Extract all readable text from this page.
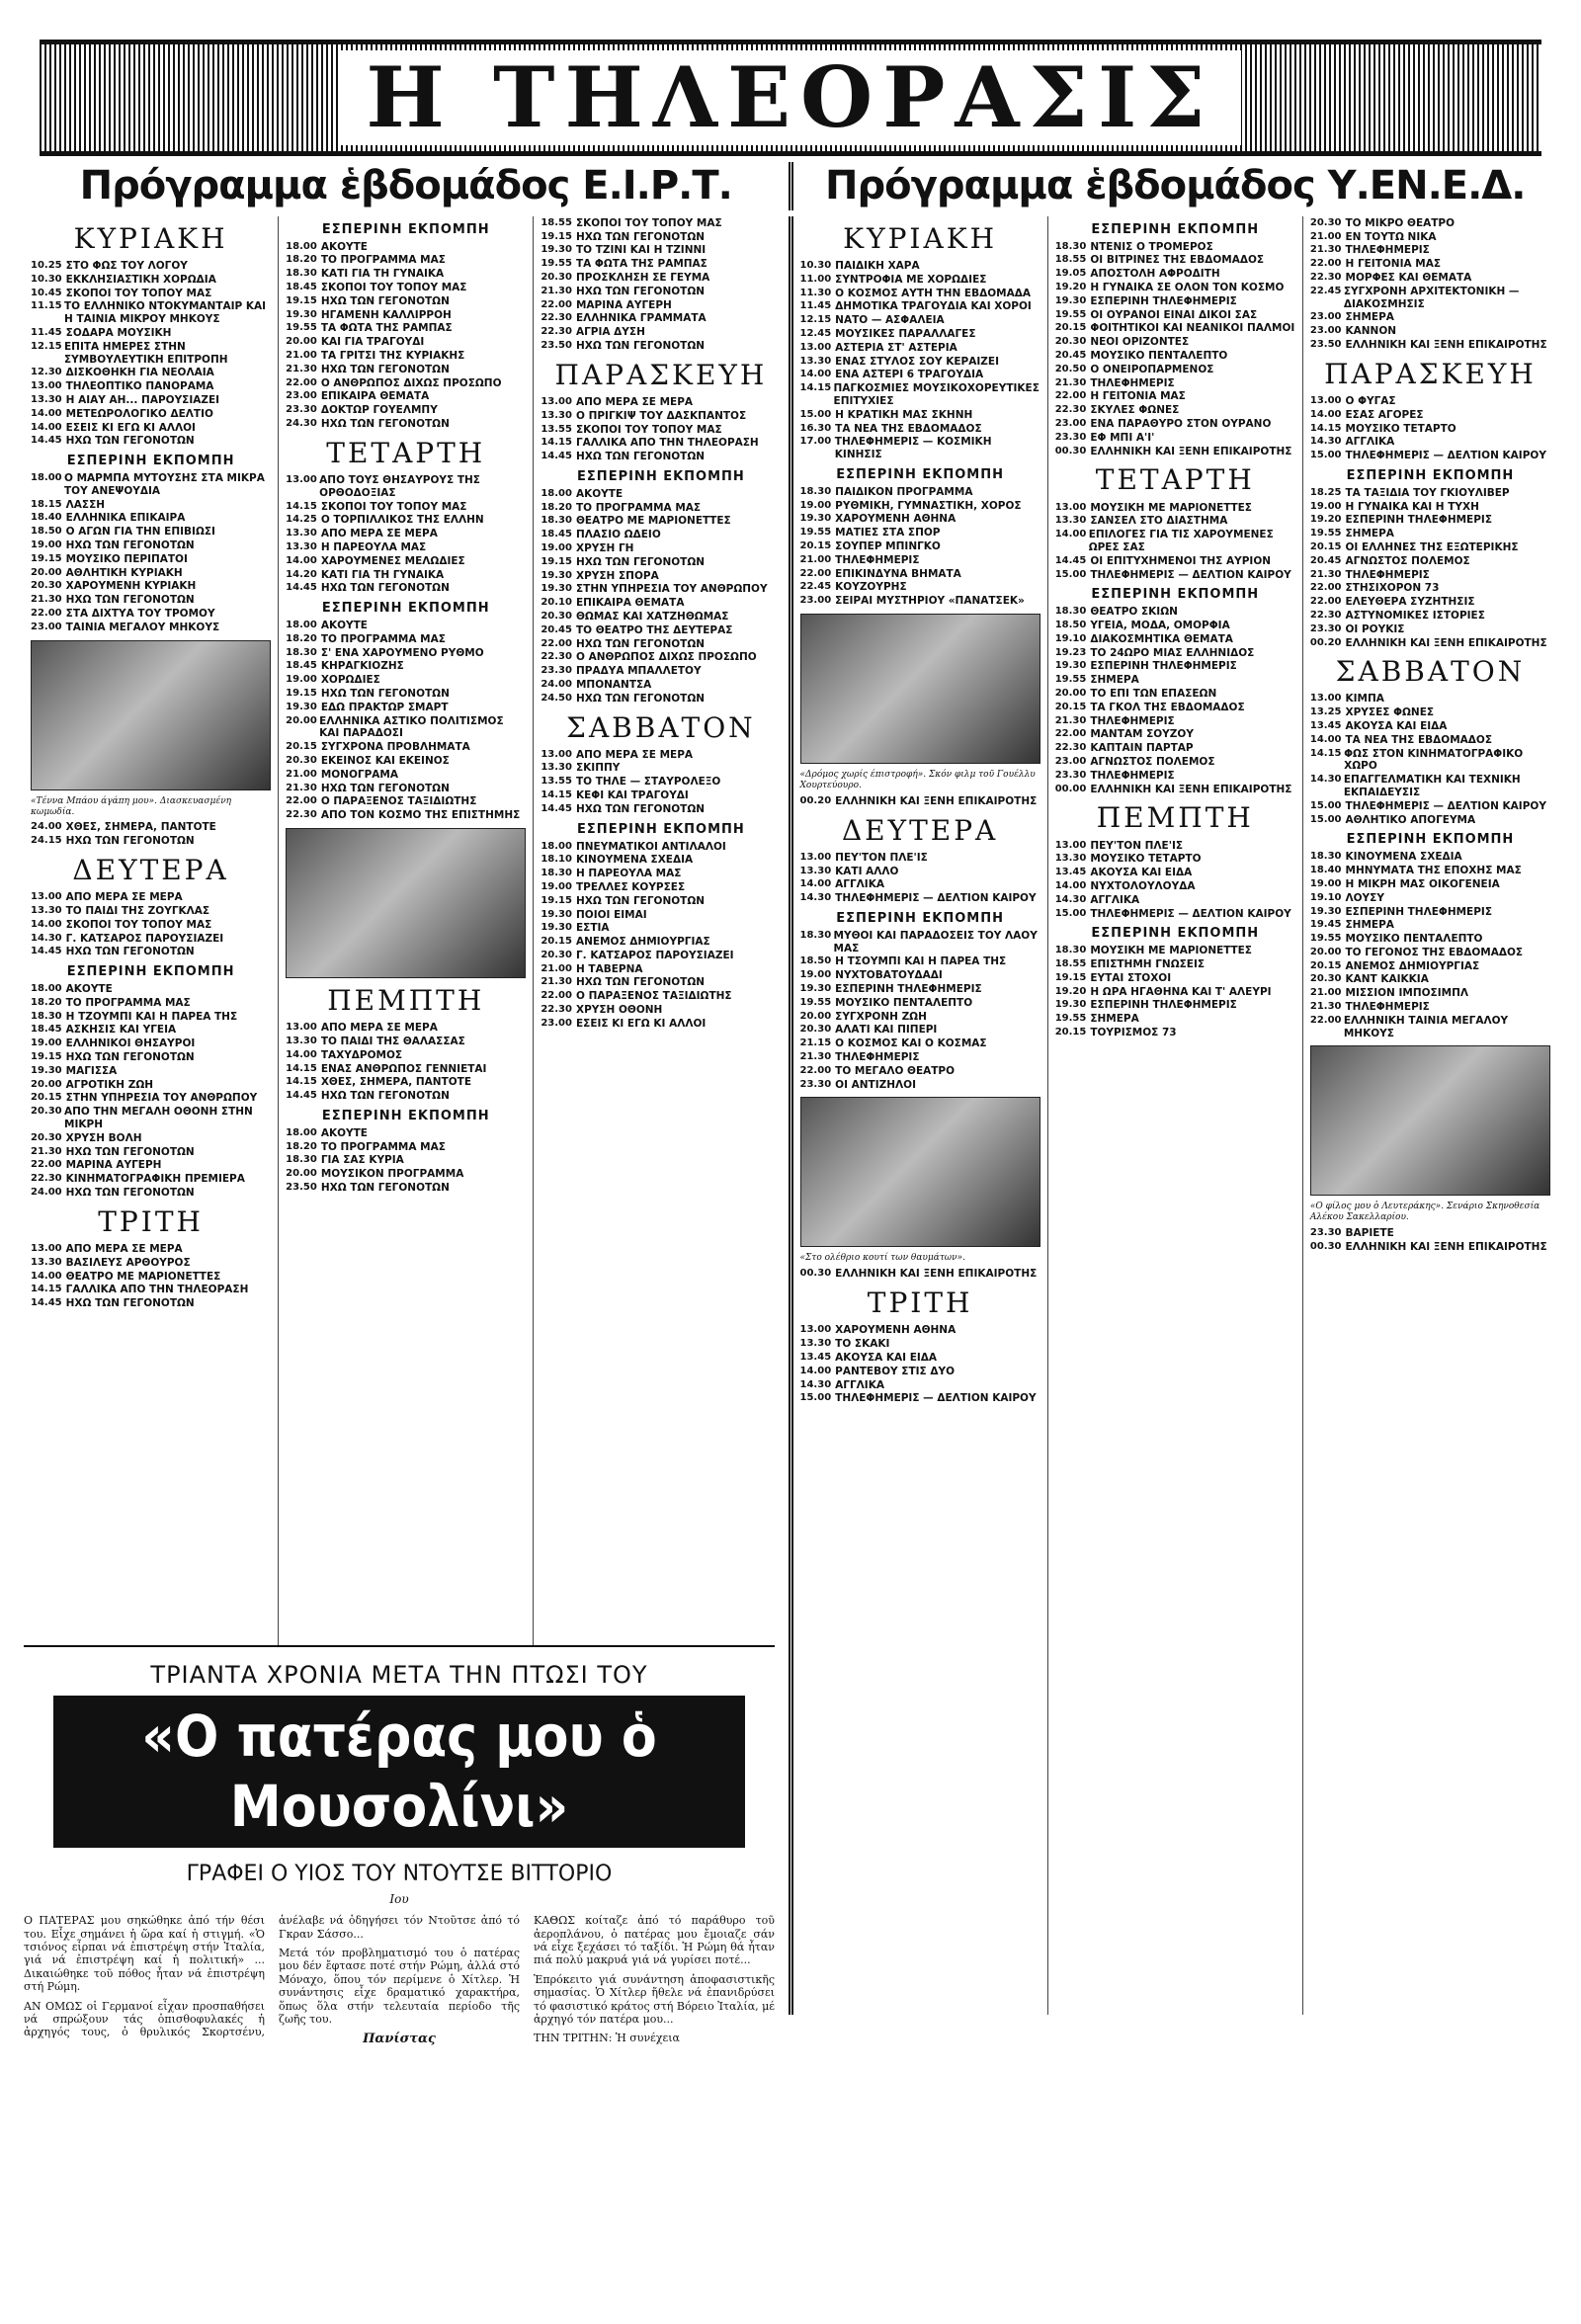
Η ΤΗΛΕΟΡΑΣΙΣ
Πρόγραμμα ἑβδομάδος Ε.Ι.Ρ.Τ.	Πρόγραμμα ἑβδομάδος Υ.ΕΝ.Ε.Δ.
ΚΥΡΙΑΚΗ
10.25 ΣΤΟ ΦΩΣ ΤΟΥ ΛΟΓΟΥ
10.30 ΕΚΚΛΗΣΙΑΣΤΙΚΗ ΧΟΡΩΔΙΑ
10.45 ΣΚΟΠΟΙ ΤΟΥ ΤΟΠΟΥ ΜΑΣ
11.15 ΤΟ ΕΛΛΗΝΙΚΟ ΝΤΟΚΥΜΑΝΤΑΙΡ ΚΑΙ Η ΤΑΙΝΙΑ ΜΙΚΡΟΥ ΜΗΚΟΥΣ
11.45 ΣΟΔΑΡΑ ΜΟΥΣΙΚΗ
12.15 ΕΠΙΤΑ ΗΜΕΡΕΣ ΣΤΗΝ ΣΥΜΒΟΥΛΕΥΤΙΚΗ ΕΠΙΤΡΟΠΗ
12.30 ΔΙΣΚΟΘΗΚΗ ΓΙΑ ΝΕΟΛΑΙΑ
13.00 ΤΗΛΕΟΠΤΙΚΟ ΠΑΝΟΡΑΜΑ
13.30 Η ΑΙΑΥ ΑΗ... ΠΑΡΟΥΣΙΑΖΕΙ
14.00 ΜΕΤΕΩΡΟΛΟΓΙΚΟ ΔΕΛΤΙΟ
14.00 ΕΣΕΙΣ ΚΙ ΕΓΩ ΚΙ ΑΛΛΟΙ
14.45 ΗΧΩ ΤΩΝ ΓΕΓΟΝΟΤΩΝ
ΕΣΠΕΡΙΝΗ ΕΚΠΟΜΠΗ
18.00 Ο ΜΑΡΜΠΑ ΜΥΤΟΥΣΗΣ ΣΤΑ ΜΙΚΡΑ ΤΟΥ ΑΝΕΨΟΥΔΙΑ
18.15 ΛΑΣΣΗ
18.40 ΕΛΛΗΝΙΚΑ ΕΠΙΚΑΙΡΑ
18.50 Ο ΑΓΩΝ ΓΙΑ ΤΗΝ ΕΠΙΒΙΩΣΙ
19.00 ΗΧΩ ΤΩΝ ΓΕΓΟΝΟΤΩΝ
19.15 ΜΟΥΣΙΚΟ ΠΕΡΙΠΑΤΟΙ
20.00 ΑΘΛΗΤΙΚΗ ΚΥΡΙΑΚΗ
20.30 ΧΑΡΟΥΜΕΝΗ ΚΥΡΙΑΚΗ
21.30 ΗΧΩ ΤΩΝ ΓΕΓΟΝΟΤΩΝ
22.00 ΣΤΑ ΔΙΧΤΥΑ ΤΟΥ ΤΡΟΜΟΥ
23.00 ΤΑΙΝΙΑ ΜΕΓΑΛΟΥ ΜΗΚΟΥΣ
«Τέννα Μπάου άγάπη μου». Διασκευασμένη κωμωδία.
24.00 ΧΘΕΣ, ΣΗΜΕΡΑ, ΠΑΝΤΟΤΕ
24.15 ΗΧΩ ΤΩΝ ΓΕΓΟΝΟΤΩΝ
ΔΕΥΤΕΡΑ
13.00 ΑΠΟ ΜΕΡΑ ΣΕ ΜΕΡΑ
13.30 ΤΟ ΠΑΙΔΙ ΤΗΣ ΖΟΥΓΚΛΑΣ
14.00 ΣΚΟΠΟΙ ΤΟΥ ΤΟΠΟΥ ΜΑΣ
14.30 Γ. ΚΑΤΣΑΡΟΣ ΠΑΡΟΥΣΙΑΖΕΙ
14.45 ΗΧΩ ΤΩΝ ΓΕΓΟΝΟΤΩΝ
ΕΣΠΕΡΙΝΗ ΕΚΠΟΜΠΗ
18.00 ΑΚΟΥΤΕ
18.20 ΤΟ ΠΡΟΓΡΑΜΜΑ ΜΑΣ
18.30 Η ΤΖΟΥΜΠΙ ΚΑΙ Η ΠΑΡΕΑ ΤΗΣ
18.45 ΑΣΚΗΣΙΣ ΚΑΙ ΥΓΕΙΑ
19.00 ΕΛΛΗΝΙΚΟΙ ΘΗΣΑΥΡΟΙ
19.15 ΗΧΩ ΤΩΝ ΓΕΓΟΝΟΤΩΝ
19.30 ΜΑΓΙΣΣΑ
20.00 ΑΓΡΟΤΙΚΗ ΖΩΗ
20.15 ΣΤΗΝ ΥΠΗΡΕΣΙΑ ΤΟΥ ΑΝΘΡΩΠΟΥ
20.30 ΑΠΟ ΤΗΝ ΜΕΓΑΛΗ ΟΘΟΝΗ ΣΤΗΝ ΜΙΚΡΗ
20.30 ΧΡΥΣΗ ΒΟΛΗ
21.30 ΗΧΩ ΤΩΝ ΓΕΓΟΝΟΤΩΝ
22.00 ΜΑΡΙΝΑ ΑΥΓΕΡΗ
22.30 ΚΙΝΗΜΑΤΟΓΡΑΦΙΚΗ ΠΡΕΜΙΕΡΑ
24.00 ΗΧΩ ΤΩΝ ΓΕΓΟΝΟΤΩΝ
ΤΡΙΤΗ
13.00 ΑΠΟ ΜΕΡΑ ΣΕ ΜΕΡΑ
13.30 ΒΑΣΙΛΕΥΣ ΑΡΘΟΥΡΟΣ
14.00 ΘΕΑΤΡΟ ΜΕ ΜΑΡΙΟΝΕΤΤΕΣ
14.15 ΓΑΛΛΙΚΑ ΑΠΟ ΤΗΝ ΤΗΛΕΟΡΑΣΗ
14.45 ΗΧΩ ΤΩΝ ΓΕΓΟΝΟΤΩΝ
ΕΣΠΕΡΙΝΗ ΕΚΠΟΜΠΗ
18.00 ΑΚΟΥΤΕ
18.20 ΤΟ ΠΡΟΓΡΑΜΜΑ ΜΑΣ
18.30 ΚΑΤΙ ΓΙΑ ΤΗ ΓΥΝΑΙΚΑ
18.45 ΣΚΟΠΟΙ ΤΟΥ ΤΟΠΟΥ ΜΑΣ
19.15 ΗΧΩ ΤΩΝ ΓΕΓΟΝΟΤΩΝ
19.30 ΗΓΑΜΕΝΗ ΚΑΛΛΙΡΡΟΗ
19.55 ΤΑ ΦΩΤΑ ΤΗΣ ΡΑΜΠΑΣ
20.00 ΚΑΙ ΓΙΑ ΤΡΑΓΟΥΔΙ
21.00 ΤΑ ΓΡΙΤΣΙ ΤΗΣ ΚΥΡΙΑΚΗΣ
21.30 ΗΧΩ ΤΩΝ ΓΕΓΟΝΟΤΩΝ
22.00 Ο ΑΝΘΡΩΠΟΣ ΔΙΧΩΣ ΠΡΟΣΩΠΟ
23.00 ΕΠΙΚΑΙΡΑ ΘΕΜΑΤΑ
23.30 ΔΟΚΤΩΡ ΓΟΥΕΛΜΠΥ
24.30 ΗΧΩ ΤΩΝ ΓΕΓΟΝΟΤΩΝ
ΤΕΤΑΡΤΗ
13.00 ΑΠΟ ΤΟΥΣ ΘΗΣΑΥΡΟΥΣ ΤΗΣ ΟΡΘΟΔΟΞΙΑΣ
14.15 ΣΚΟΠΟΙ ΤΟΥ ΤΟΠΟΥ ΜΑΣ
14.25 Ο ΤΟΡΠΙΛΛΙΚΟΣ ΤΗΣ ΕΛΛΗΝ
13.30 ΑΠΟ ΜΕΡΑ ΣΕ ΜΕΡΑ
13.30 Η ΠΑΡΕΟΥΛΑ ΜΑΣ
14.00 ΧΑΡΟΥΜΕΝΕΣ ΜΕΛΩΔΙΕΣ
14.20 ΚΑΤΙ ΓΙΑ ΤΗ ΓΥΝΑΙΚΑ
14.45 ΗΧΩ ΤΩΝ ΓΕΓΟΝΟΤΩΝ
ΕΣΠΕΡΙΝΗ ΕΚΠΟΜΠΗ
18.00 ΑΚΟΥΤΕ
18.20 ΤΟ ΠΡΟΓΡΑΜΜΑ ΜΑΣ
18.30 Σ' ΕΝΑ ΧΑΡΟΥΜΕΝΟ ΡΥΘΜΟ
18.45 ΚΗΡΑΓΚΙΟΖΗΣ
19.00 ΧΟΡΩΔΙΕΣ
19.15 ΗΧΩ ΤΩΝ ΓΕΓΟΝΟΤΩΝ
19.30 ΕΔΩ ΠΡΑΚΤΩΡ ΣΜΑΡΤ
20.00 ΕΛΛΗΝΙΚΑ ΑΣΤΙΚΟ ΠΟΛΙΤΙΣΜΟΣ ΚΑΙ ΠΑΡΑΔΟΣΙ
20.15 ΣΥΓΧΡΟΝΑ ΠΡΟΒΛΗΜΑΤΑ
20.30 ΕΚΕΙΝΟΣ ΚΑΙ ΕΚΕΙΝΟΣ
21.00 ΜΟΝΟΓΡΑΜΑ
21.30 ΗΧΩ ΤΩΝ ΓΕΓΟΝΟΤΩΝ
22.00 Ο ΠΑΡΑΞΕΝΟΣ ΤΑΞΙΔΙΩΤΗΣ
22.30 ΑΠΟ ΤΟΝ ΚΟΣΜΟ ΤΗΣ ΕΠΙΣΤΗΜΗΣ
ΠΕΜΠΤΗ
13.00 ΑΠΟ ΜΕΡΑ ΣΕ ΜΕΡΑ
13.30 ΤΟ ΠΑΙΔΙ ΤΗΣ ΘΑΛΑΣΣΑΣ
14.00 ΤΑΧΥΔΡΟΜΟΣ
14.15 ΕΝΑΣ ΑΝΘΡΩΠΟΣ ΓΕΝΝΙΕΤΑΙ
14.15 ΧΘΕΣ, ΣΗΜΕΡΑ, ΠΑΝΤΟΤΕ
14.45 ΗΧΩ ΤΩΝ ΓΕΓΟΝΟΤΩΝ
ΕΣΠΕΡΙΝΗ ΕΚΠΟΜΠΗ
18.00 ΑΚΟΥΤΕ
18.20 ΤΟ ΠΡΟΓΡΑΜΜΑ ΜΑΣ
18.30 ΓΙΑ ΣΑΣ ΚΥΡΙΑ
20.00 ΜΟΥΣΙΚΟΝ ΠΡΟΓΡΑΜΜΑ
23.50 ΗΧΩ ΤΩΝ ΓΕΓΟΝΟΤΩΝ
18.55 ΣΚΟΠΟΙ ΤΟΥ ΤΟΠΟΥ ΜΑΣ
19.15 ΗΧΩ ΤΩΝ ΓΕΓΟΝΟΤΩΝ
19.30 ΤΟ ΤΖΙΝΙ ΚΑΙ Η ΤΖΙΝΝΙ
19.55 ΤΑ ΦΩΤΑ ΤΗΣ ΡΑΜΠΑΣ
20.30 ΠΡΟΣΚΛΗΣΗ ΣΕ ΓΕΥΜΑ
21.30 ΗΧΩ ΤΩΝ ΓΕΓΟΝΟΤΩΝ
22.00 ΜΑΡΙΝΑ ΑΥΓΕΡΗ
22.30 ΕΛΛΗΝΙΚΑ ΓΡΑΜΜΑΤΑ
22.30 ΑΓΡΙΑ ΔΥΣΗ
23.50 ΗΧΩ ΤΩΝ ΓΕΓΟΝΟΤΩΝ
ΠΑΡΑΣΚΕΥΗ
13.00 ΑΠΟ ΜΕΡΑ ΣΕ ΜΕΡΑ
13.30 Ο ΠΡΙΓΚΙΨ ΤΟΥ ΔΑΣΚΠΑΝΤΟΣ
13.55 ΣΚΟΠΟΙ ΤΟΥ ΤΟΠΟΥ ΜΑΣ
14.15 ΓΑΛΛΙΚΑ ΑΠΟ ΤΗΝ ΤΗΛΕΟΡΑΣΗ
14.45 ΗΧΩ ΤΩΝ ΓΕΓΟΝΟΤΩΝ
ΕΣΠΕΡΙΝΗ ΕΚΠΟΜΠΗ
18.00 ΑΚΟΥΤΕ
18.20 ΤΟ ΠΡΟΓΡΑΜΜΑ ΜΑΣ
18.30 ΘΕΑΤΡΟ ΜΕ ΜΑΡΙΟΝΕΤΤΕΣ
18.45 ΠΛΑΣΙΟ ΩΔΕΙΟ
19.00 ΧΡΥΣΗ ΓΗ
19.15 ΗΧΩ ΤΩΝ ΓΕΓΟΝΟΤΩΝ
19.30 ΧΡΥΣΗ ΣΠΟΡΑ
19.30 ΣΤΗΝ ΥΠΗΡΕΣΙΑ ΤΟΥ ΑΝΘΡΩΠΟΥ
20.10 ΕΠΙΚΑΙΡΑ ΘΕΜΑΤΑ
20.30 ΘΩΜΑΣ ΚΑΙ ΧΑΤΖΗΘΩΜΑΣ
20.45 ΤΟ ΘΕΑΤΡΟ ΤΗΣ ΔΕΥΤΕΡΑΣ
22.00 ΗΧΩ ΤΩΝ ΓΕΓΟΝΟΤΩΝ
22.30 Ο ΑΝΘΡΩΠΟΣ ΔΙΧΩΣ ΠΡΟΣΩΠΟ
23.30 ΠΡΑΔΥΑ ΜΠΑΛΛΕΤΟΥ
24.00 ΜΠΟΝΑΝΤΣΑ
24.50 ΗΧΩ ΤΩΝ ΓΕΓΟΝΟΤΩΝ
ΣΑΒΒΑΤΟΝ
13.00 ΑΠΟ ΜΕΡΑ ΣΕ ΜΕΡΑ
13.30 ΣΚΙΠΠΥ
13.55 ΤΟ ΤΗΛΕ — ΣΤΑΥΡΟΛΕΞΟ
14.15 ΚΕΦΙ ΚΑΙ ΤΡΑΓΟΥΔΙ
14.45 ΗΧΩ ΤΩΝ ΓΕΓΟΝΟΤΩΝ
ΕΣΠΕΡΙΝΗ ΕΚΠΟΜΠΗ
18.00 ΠΝΕΥΜΑΤΙΚΟΙ ΑΝΤΙΛΑΛΟΙ
18.10 ΚΙΝΟΥΜΕΝΑ ΣΧΕΔΙΑ
18.30 Η ΠΑΡΕΟΥΛΑ ΜΑΣ
19.00 ΤΡΕΛΛΕΣ ΚΟΥΡΣΕΣ
19.15 ΗΧΩ ΤΩΝ ΓΕΓΟΝΟΤΩΝ
19.30 ΠΟΙΟΙ ΕΙΜΑΙ
19.30 ΕΣΤΙΑ
20.15 ΑΝΕΜΟΣ ΔΗΜΙΟΥΡΓΙΑΣ
20.30 Γ. ΚΑΤΣΑΡΟΣ ΠΑΡΟΥΣΙΑΖΕΙ
21.00 Η ΤΑΒΕΡΝΑ
21.30 ΗΧΩ ΤΩΝ ΓΕΓΟΝΟΤΩΝ
22.00 Ο ΠΑΡΑΞΕΝΟΣ ΤΑΞΙΔΙΩΤΗΣ
22.30 ΧΡΥΣΗ ΟΘΟΝΗ
23.00 ΕΣΕΙΣ ΚΙ ΕΓΩ ΚΙ ΑΛΛΟΙ
ΚΥΡΙΑΚΗ
10.30 ΠΑΙΔΙΚΗ ΧΑΡΑ
11.00 ΣΥΝΤΡΟΦΙΑ ΜΕ ΧΟΡΩΔΙΕΣ
11.30 Ο ΚΟΣΜΟΣ ΑΥΤΗ ΤΗΝ ΕΒΔΟΜΑΔΑ
11.45 ΔΗΜΟΤΙΚΑ ΤΡΑΓΟΥΔΙΑ ΚΑΙ ΧΟΡΟΙ
12.15 ΝΑΤΟ — ΑΣΦΑΛΕΙΑ
12.45 ΜΟΥΣΙΚΕΣ ΠΑΡΑΛΛΑΓΕΣ
13.00 ΑΣΤΕΡΙΑ ΣΤ' ΑΣΤΕΡΙΑ
13.30 ΕΝΑΣ ΣΤΥΛΟΣ ΣΟΥ ΚΕΡΑΙΖΕΙ
14.00 ΕΝΑ ΑΣΤΕΡΙ 6 ΤΡΑΓΟΥΔΙΑ
14.15 ΠΑΓΚΟΣΜΙΕΣ ΜΟΥΣΙΚΟΧΟΡΕΥΤΙΚΕΣ ΕΠΙΤΥΧΙΕΣ
15.00 Η ΚΡΑΤΙΚΗ ΜΑΣ ΣΚΗΝΗ
16.30 ΤΑ ΝΕΑ ΤΗΣ ΕΒΔΟΜΑΔΟΣ
17.00 ΤΗΛΕΦΗΜΕΡΙΣ — ΚΟΣΜΙΚΗ ΚΙΝΗΣΙΣ
ΕΣΠΕΡΙΝΗ ΕΚΠΟΜΠΗ
18.30 ΠΑΙΔΙΚΟΝ ΠΡΟΓΡΑΜΜΑ
19.00 ΡΥΘΜΙΚΗ, ΓΥΜΝΑΣΤΙΚΗ, ΧΟΡΟΣ
19.30 ΧΑΡΟΥΜΕΝΗ ΑΘΗΝΑ
19.55 ΜΑΤΙΕΣ ΣΤΑ ΣΠΟΡ
20.15 ΣΟΥΠΕΡ ΜΠΙΝΓΚΟ
21.00 ΤΗΛΕΦΗΜΕΡΙΣ
22.00 ΕΠΙΚΙΝΔΥΝΑ ΒΗΜΑΤΑ
22.45 ΚΟΥΖΟΥΡΗΣ
23.00 ΣΕΙΡΑΙ ΜΥΣΤΗΡΙΟΥ «ΠΑΝΑΤΣΕΚ»
«Δρόμος χωρίς έπιστροφή». Σκόν φιλμ τοῦ Γουέλλυ Χουρτεύουρο.
00.20 ΕΛΛΗΝΙΚΗ ΚΑΙ ΞΕΝΗ ΕΠΙΚΑΙΡΟΤΗΣ
ΔΕΥΤΕΡΑ
13.00 ΠΕΥ'ΤΟΝ ΠΛΕ'ΙΣ
13.30 ΚΑΤΙ ΑΛΛΟ
14.00 ΑΓΓΛΙΚΑ
14.30 ΤΗΛΕΦΗΜΕΡΙΣ — ΔΕΛΤΙΟΝ ΚΑΙΡΟΥ
ΕΣΠΕΡΙΝΗ ΕΚΠΟΜΠΗ
18.30 ΜΥΘΟΙ ΚΑΙ ΠΑΡΑΔΟΣΕΙΣ ΤΟΥ ΛΑΟΥ ΜΑΣ
18.50 Η ΤΣΟΥΜΠΙ ΚΑΙ Η ΠΑΡΕΑ ΤΗΣ
19.00 ΝΥΧΤΟΒΑΤΟΥΔΑΔΙ
19.30 ΕΣΠΕΡΙΝΗ ΤΗΛΕΦΗΜΕΡΙΣ
19.55 ΜΟΥΣΙΚΟ ΠΕΝΤΑΛΕΠΤΟ
20.00 ΣΥΓΧΡΟΝΗ ΖΩΗ
20.30 ΑΛΑΤΙ ΚΑΙ ΠΙΠΕΡΙ
21.15 Ο ΚΟΣΜΟΣ ΚΑΙ Ο ΚΟΣΜΑΣ
21.30 ΤΗΛΕΦΗΜΕΡΙΣ
22.00 ΤΟ ΜΕΓΑΛΟ ΘΕΑΤΡΟ
23.30 ΟΙ ΑΝΤΙΖΗΛΟΙ
«Στο ολέθριο κουτί των θαυμάτων».
00.30 ΕΛΛΗΝΙΚΗ ΚΑΙ ΞΕΝΗ ΕΠΙΚΑΙΡΟΤΗΣ
ΤΡΙΤΗ
13.00 ΧΑΡΟΥΜΕΝΗ ΑΘΗΝΑ
13.30 ΤΟ ΣΚΑΚΙ
13.45 ΑΚΟΥΣΑ ΚΑΙ ΕΙΔΑ
14.00 ΡΑΝΤΕΒΟΥ ΣΤΙΣ ΔΥΟ
14.30 ΑΓΓΛΙΚΑ
15.00 ΤΗΛΕΦΗΜΕΡΙΣ — ΔΕΛΤΙΟΝ ΚΑΙΡΟΥ
ΕΣΠΕΡΙΝΗ ΕΚΠΟΜΠΗ
18.30 ΝΤΕΝΙΣ Ο ΤΡΟΜΕΡΟΣ
18.55 ΟΙ ΒΙΤΡΙΝΕΣ ΤΗΣ ΕΒΔΟΜΑΔΟΣ
19.05 ΑΠΟΣΤΟΛΗ ΑΦΡΟΔΙΤΗ
19.20 Η ΓΥΝΑΙΚΑ ΣΕ ΟΛΟΝ ΤΟΝ ΚΟΣΜΟ
19.30 ΕΣΠΕΡΙΝΗ ΤΗΛΕΦΗΜΕΡΙΣ
19.55 ΟΙ ΟΥΡΑΝΟΙ ΕΙΝΑΙ ΔΙΚΟΙ ΣΑΣ
20.15 ΦΟΙΤΗΤΙΚΟΙ ΚΑΙ ΝΕΑΝΙΚΟΙ ΠΑΛΜΟΙ
20.30 ΝΕΟΙ ΟΡΙΖΟΝΤΕΣ
20.45 ΜΟΥΣΙΚΟ ΠΕΝΤΑΛΕΠΤΟ
20.50 Ο ΟΝΕΙΡΟΠΑΡΜΕΝΟΣ
21.30 ΤΗΛΕΦΗΜΕΡΙΣ
22.00 Η ΓΕΙΤΟΝΙΑ ΜΑΣ
22.30 ΣΚΥΛΕΣ ΦΩΝΕΣ
23.00 ΕΝΑ ΠΑΡΑΘΥΡΟ ΣΤΟΝ ΟΥΡΑΝΟ
23.30 ΕΦ ΜΠΙ Α'Ι'
00.30 ΕΛΛΗΝΙΚΗ ΚΑΙ ΞΕΝΗ ΕΠΙΚΑΙΡΟΤΗΣ
ΤΕΤΑΡΤΗ
13.00 ΜΟΥΣΙΚΗ ΜΕ ΜΑΡΙΟΝΕΤΤΕΣ
13.30 ΣΑΝΣΕΛ ΣΤΟ ΔΙΑΣΤΗΜΑ
14.00 ΕΠΙΛΟΓΕΣ ΓΙΑ ΤΙΣ ΧΑΡΟΥΜΕΝΕΣ ΩΡΕΣ ΣΑΣ
14.45 ΟΙ ΕΠΙΤΥΧΗΜΕΝΟΙ ΤΗΣ ΑΥΡΙΟΝ
15.00 ΤΗΛΕΦΗΜΕΡΙΣ — ΔΕΛΤΙΟΝ ΚΑΙΡΟΥ
ΕΣΠΕΡΙΝΗ ΕΚΠΟΜΠΗ
18.30 ΘΕΑΤΡΟ ΣΚΙΩΝ
18.50 ΥΓΕΙΑ, ΜΟΔΑ, ΟΜΟΡΦΙΑ
19.10 ΔΙΑΚΟΣΜΗΤΙΚΑ ΘΕΜΑΤΑ
19.23 ΤΟ 24ΩΡΟ ΜΙΑΣ ΕΛΛΗΝΙΔΟΣ
19.30 ΕΣΠΕΡΙΝΗ ΤΗΛΕΦΗΜΕΡΙΣ
19.55 ΣΗΜΕΡΑ
20.00 ΤΟ ΕΠΙ ΤΩΝ ΕΠΑΣΕΩΝ
20.15 ΤΑ ΓΚΟΛ ΤΗΣ ΕΒΔΟΜΑΔΟΣ
21.30 ΤΗΛΕΦΗΜΕΡΙΣ
22.00 ΜΑΝΤΑΜ ΣΟΥΖΟΥ
22.30 ΚΑΠΤΑΙΝ ΠΑΡΤΑΡ
23.00 ΑΓΝΩΣΤΟΣ ΠΟΛΕΜΟΣ
23.30 ΤΗΛΕΦΗΜΕΡΙΣ
00.00 ΕΛΛΗΝΙΚΗ ΚΑΙ ΞΕΝΗ ΕΠΙΚΑΙΡΟΤΗΣ
ΠΕΜΠΤΗ
13.00 ΠΕΥ'ΤΟΝ ΠΛΕ'ΙΣ
13.30 ΜΟΥΣΙΚΟ ΤΕΤΑΡΤΟ
13.45 ΑΚΟΥΣΑ ΚΑΙ ΕΙΔΑ
14.00 ΝΥΧΤΟΛΟΥΛΟΥΔΑ
14.30 ΑΓΓΛΙΚΑ
15.00 ΤΗΛΕΦΗΜΕΡΙΣ — ΔΕΛΤΙΟΝ ΚΑΙΡΟΥ
ΕΣΠΕΡΙΝΗ ΕΚΠΟΜΠΗ
18.30 ΜΟΥΣΙΚΗ ΜΕ ΜΑΡΙΟΝΕΤΤΕΣ
18.55 ΕΠΙΣΤΗΜΗ ΓΝΩΣΕΙΣ
19.15 ΕΥΤΑΙ ΣΤΟΧΟΙ
19.20 Η ΩΡΑ ΗΓΑΘΗΝΑ ΚΑΙ Τ' ΑΛΕΥΡΙ
19.30 ΕΣΠΕΡΙΝΗ ΤΗΛΕΦΗΜΕΡΙΣ
19.55 ΣΗΜΕΡΑ
20.15 ΤΟΥΡΙΣΜΟΣ 73
20.30 ΤΟ ΜΙΚΡΟ ΘΕΑΤΡΟ
21.00 ΕΝ ΤΟΥΤΩ ΝΙΚΑ
21.30 ΤΗΛΕΦΗΜΕΡΙΣ
22.00 Η ΓΕΙΤΟΝΙΑ ΜΑΣ
22.30 ΜΟΡΦΕΣ ΚΑΙ ΘΕΜΑΤΑ
22.45 ΣΥΓΧΡΟΝΗ ΑΡΧΙΤΕΚΤΟΝΙΚΗ — ΔΙΑΚΟΣΜΗΣΙΣ
23.00 ΣΗΜΕΡΑ
23.00 ΚΑΝΝΟΝ
23.50 ΕΛΛΗΝΙΚΗ ΚΑΙ ΞΕΝΗ ΕΠΙΚΑΙΡΟΤΗΣ
ΠΑΡΑΣΚΕΥΗ
13.00 Ο ΦΥΓΑΣ
14.00 ΕΣΑΣ ΑΓΟΡΕΣ
14.15 ΜΟΥΣΙΚΟ ΤΕΤΑΡΤΟ
14.30 ΑΓΓΛΙΚΑ
15.00 ΤΗΛΕΦΗΜΕΡΙΣ — ΔΕΛΤΙΟΝ ΚΑΙΡΟΥ
ΕΣΠΕΡΙΝΗ ΕΚΠΟΜΠΗ
18.25 ΤΑ ΤΑΞΙΔΙΑ ΤΟΥ ΓΚΙΟΥΛΙΒΕΡ
19.00 Η ΓΥΝΑΙΚΑ ΚΑΙ Η ΤΥΧΗ
19.20 ΕΣΠΕΡΙΝΗ ΤΗΛΕΦΗΜΕΡΙΣ
19.55 ΣΗΜΕΡΑ
20.15 ΟΙ ΕΛΛΗΝΕΣ ΤΗΣ ΕΞΩΤΕΡΙΚΗΣ
20.45 ΑΓΝΩΣΤΟΣ ΠΟΛΕΜΟΣ
21.30 ΤΗΛΕΦΗΜΕΡΙΣ
22.00 ΣΤΗΣΙΧΟΡΟΝ 73
22.00 ΕΛΕΥΘΕΡΑ ΣΥΖΗΤΗΣΙΣ
22.30 ΑΣΤΥΝΟΜΙΚΕΣ ΙΣΤΟΡΙΕΣ
23.30 ΟΙ ΡΟΥΚΙΣ
00.20 ΕΛΛΗΝΙΚΗ ΚΑΙ ΞΕΝΗ ΕΠΙΚΑΙΡΟΤΗΣ
ΣΑΒΒΑΤΟΝ
13.00 ΚΙΜΠΑ
13.25 ΧΡΥΣΕΣ ΦΩΝΕΣ
13.45 ΑΚΟΥΣΑ ΚΑΙ ΕΙΔΑ
14.00 ΤΑ ΝΕΑ ΤΗΣ ΕΒΔΟΜΑΔΟΣ
14.15 ΦΩΣ ΣΤΟΝ ΚΙΝΗΜΑΤΟΓΡΑΦΙΚΟ ΧΩΡΟ
14.30 ΕΠΑΓΓΕΛΜΑΤΙΚΗ ΚΑΙ ΤΕΧΝΙΚΗ ΕΚΠΑΙΔΕΥΣΙΣ
15.00 ΤΗΛΕΦΗΜΕΡΙΣ — ΔΕΛΤΙΟΝ ΚΑΙΡΟΥ
15.00 ΑΘΛΗΤΙΚΟ ΑΠΟΓΕΥΜΑ
ΕΣΠΕΡΙΝΗ ΕΚΠΟΜΠΗ
18.30 ΚΙΝΟΥΜΕΝΑ ΣΧΕΔΙΑ
18.40 ΜΗΝΥΜΑΤΑ ΤΗΣ ΕΠΟΧΗΣ ΜΑΣ
19.00 Η ΜΙΚΡΗ ΜΑΣ ΟΙΚΟΓΕΝΕΙΑ
19.10 ΛΟΥΣΥ
19.30 ΕΣΠΕΡΙΝΗ ΤΗΛΕΦΗΜΕΡΙΣ
19.45 ΣΗΜΕΡΑ
19.55 ΜΟΥΣΙΚΟ ΠΕΝΤΑΛΕΠΤΟ
20.00 ΤΟ ΓΕΓΟΝΟΣ ΤΗΣ ΕΒΔΟΜΑΔΟΣ
20.15 ΑΝΕΜΟΣ ΔΗΜΙΟΥΡΓΙΑΣ
20.30 ΚΑΝΤ ΚΑΙΚΚΙΑ
21.00 ΜΙΣΣΙΟΝ ΙΜΠΟΣΙΜΠΛ
21.30 ΤΗΛΕΦΗΜΕΡΙΣ
22.00 ΕΛΛΗΝΙΚΗ ΤΑΙΝΙΑ ΜΕΓΑΛΟΥ ΜΗΚΟΥΣ
«Ο φίλος μου ὁ Λευτεράκης». Σενάριο Σκηνοθεσία Αλέκου Σακελλαρίου.
23.30 ΒΑΡΙΕΤΕ
00.30 ΕΛΛΗΝΙΚΗ ΚΑΙ ΞΕΝΗ ΕΠΙΚΑΙΡΟΤΗΣ
ΤΡΙΑΝΤΑ ΧΡΟΝΙΑ ΜΕΤΑ ΤΗΝ ΠΤΩΣΙ ΤΟΥ
«Ο πατέρας μου ὁ Μουσολίνι»
ΓΡΑΦΕΙ Ο ΥΙΟΣ ΤΟΥ ΝΤΟΥΤΣΕ ΒΙΤΤΟΡΙΟ
Ιου

Ο ΠΑΤΕΡΑΣ μου σηκώθηκε ἀπό τήν θέσι του. Εἶχε σημάνει ἡ ὥρα καί ἡ στιγμή. «Ὁ τσιόνος εἶρπαι νά ἐπιστρέψη στήν Ἰταλία, γιά νά ἐπιστρέψη καί ἡ πολιτική» ... Δικαιώθηκε τοῦ πόθος ἦταν νά ἐπιστρέψη στή Ρώμη.

ΑΝ ΟΜΩΣ οἱ Γερμανοί εἶχαν προσπαθήσει νά σπρώξουν τάς ὁπισθοφυλακές ἡ ἀρχηγός τους, ὁ θρυλικός Σκορτσένυ, ἀνέλαβε νά ὁδηγήσει τόν Ντοῦτσε ἀπό τό Γκραν Σάσσο...

Μετά τόν προβληματισμό του ὁ πατέρας μου δέν ἔφτασε ποτέ στήν Ρώμη, ἀλλά στό Μόναχο, ὅπου τόν περίμενε ὁ Χίτλερ. Ἡ συνάντησις εἶχε δραματικό χαρακτήρα, ὅπως ὅλα στήν τελευταία περίοδο τῆς ζωῆς του.

Πανίστας

ΚΑΘΩΣ κοίταζε ἀπό τό παράθυρο τοῦ ἀεροπλάνου, ὁ πατέρας μου ἔμοιαζε σάν νά εἶχε ξεχάσει τό ταξίδι. Ἡ Ρώμη θά ἦταν πιά πολύ μακρυά γιά νά γυρίσει ποτέ...

Ἐπρόκειτο γιά συνάντηση ἀποφασιστικῆς σημασίας. Ὁ Χίτλερ ἤθελε νά ἐπανιδρύσει τό φασιστικό κράτος στή Βόρειο Ἰταλία, μέ ἀρχηγό τόν πατέρα μου...

ΤΗΝ ΤΡΙΤΗΝ: Ἡ συνέχεια
